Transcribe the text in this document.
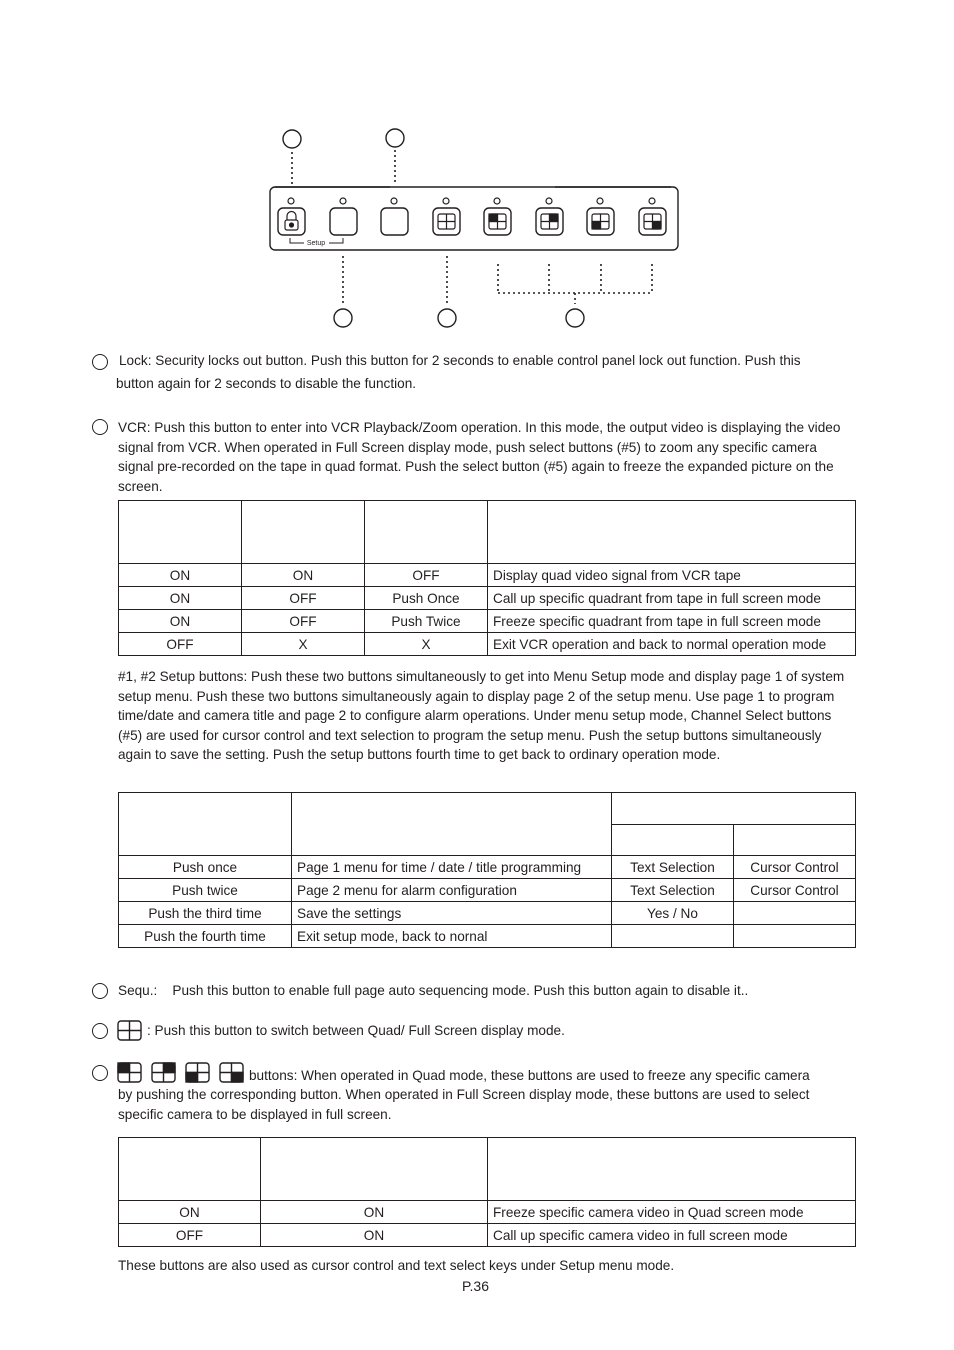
Setup
Lock: Security locks out button. Push this button for 2 seconds to enable control panel lock out function. Push this
button again for 2 seconds to disable the function.
VCR: Push this button to enter into VCR Playback/Zoom operation. In this mode, the output video is displaying the video signal from VCR. When operated in Full Screen display mode, push select buttons (#5) to zoom any specific camera signal pre-recorded on the tape in quad format. Push the select button (#5) again to freeze the expanded picture on the screen.

ON	ON	OFF	Display quad video signal from VCR tape
ON	OFF	Push Once	Call up specific quadrant from tape in full screen mode
ON	OFF	Push Twice	Freeze specific quadrant from tape in full screen mode
OFF	X	X	Exit VCR operation and back to normal operation mode
#1, #2 Setup buttons: Push these two buttons simultaneously to get into Menu Setup mode and display page 1 of system setup menu. Push these two buttons simultaneously again to display page 2 of the setup menu. Use page 1 to program time/date and camera title and page 2 to configure alarm operations. Under menu setup mode, Channel Select buttons (#5) are used for cursor control and text selection to program the setup menu. Push the setup buttons simultaneously again to save the setting. Push the setup buttons fourth time to get back to ordinary operation mode.

Push once	Page 1 menu for time / date / title programming	Text Selection	Cursor Control
Push twice	Page 2 menu for alarm configuration	Text Selection	Cursor Control
Push the third time	Save the settings	Yes / No	
Push the fourth time	Exit setup mode, back to nornal		
Sequ.:    Push this button to enable full page auto sequencing mode. Push this button again to disable it..
: Push this button to switch between Quad/ Full Screen display mode.
buttons: When operated in Quad mode, these buttons are used to freeze any specific camera
by pushing the corresponding button. When operated in Full Screen display mode, these buttons are used to select specific camera to be displayed in full screen.

ON	ON	Freeze specific camera video in Quad screen mode
OFF	ON	Call up specific camera video in full screen mode
These buttons are also used as cursor control and text select keys under Setup menu mode.
P.36
